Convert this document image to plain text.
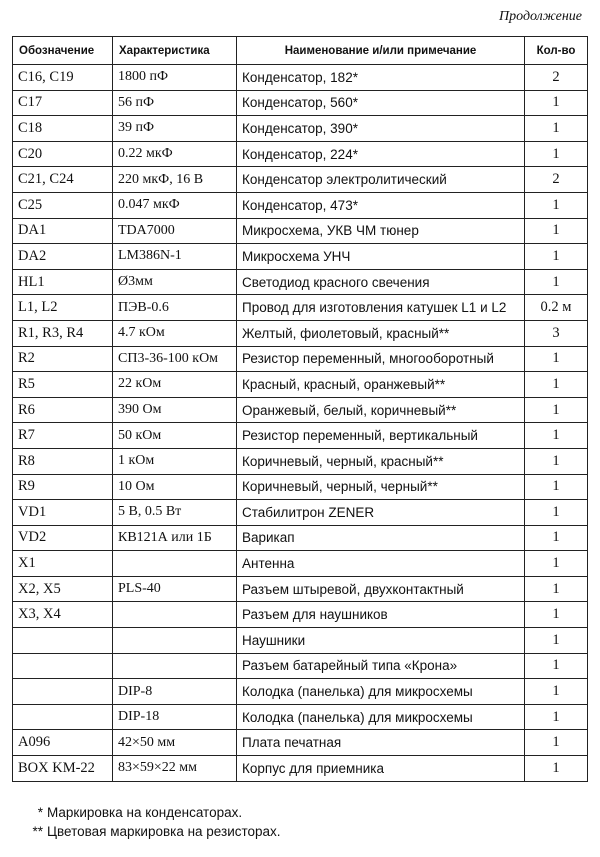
Продолжение
Обозначение	Характеристика	Наименование и/или примечание	Кол-во
C16, C19	1800 пФ	Конденсатор, 182*	2
C17	56 пФ	Конденсатор, 560*	1
C18	39 пФ	Конденсатор, 390*	1
C20	0.22 мкФ	Конденсатор, 224*	1
C21, C24	220 мкФ, 16 В	Конденсатор электролитический	2
C25	0.047 мкФ	Конденсатор, 473*	1
DA1	TDA7000	Микросхема, УКВ ЧМ тюнер	1
DA2	LM386N-1	Микросхема УНЧ	1
HL1	Ø3мм	Светодиод красного свечения	1
L1, L2	ПЭВ-0.6	Провод для изготовления катушек L1 и L2	0.2 м
R1, R3, R4	4.7 кОм	Желтый, фиолетовый, красный**	3
R2	СП3-36-100 кОм	Резистор переменный, многооборотный	1
R5	22 кОм	Красный, красный, оранжевый**	1
R6	390 Ом	Оранжевый, белый, коричневый**	1
R7	50 кОм	Резистор переменный, вертикальный	1
R8	1 кОм	Коричневый, черный, красный**	1
R9	10 Ом	Коричневый, черный, черный**	1
VD1	5 В, 0.5 Вт	Стабилитрон ZENER	1
VD2	КВ121А или 1Б	Варикап	1
X1		Антенна	1
X2, X5	PLS-40	Разъем штыревой, двухконтактный	1
X3, X4		Разъем для наушников	1
		Наушники	1
		Разъем батарейный типа «Крона»	1
	DIP-8	Колодка (панелька) для микросхемы	1
	DIP-18	Колодка (панелька) для микросхемы	1
A096	42×50 мм	Плата печатная	1
BOX KM-22	83×59×22 мм	Корпус для приемника	1
* Маркировка на конденсаторах.
** Цветовая маркировка на резисторах.
